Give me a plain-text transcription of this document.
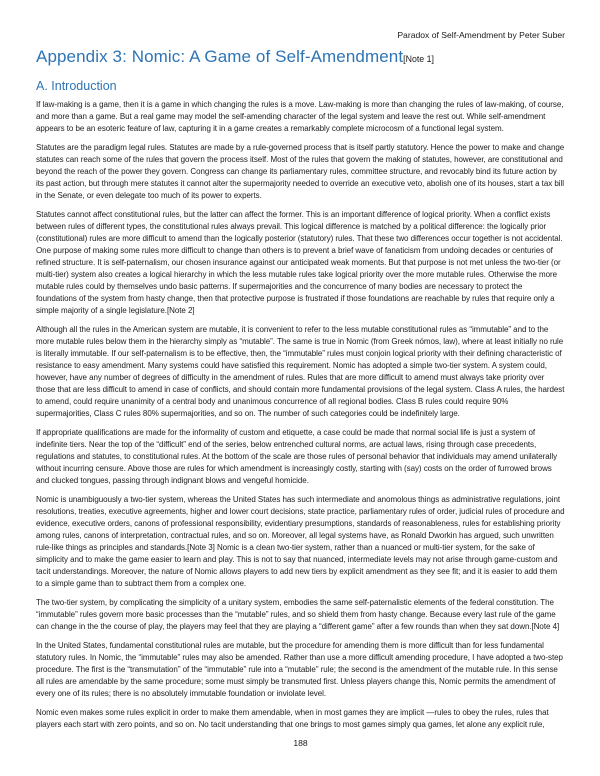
Paradox of Self-Amendment by Peter Suber
Appendix 3: Nomic: A Game of Self-Amendment[Note 1]
A. Introduction

If law-making is a game, then it is a game in which changing the rules is a move. Law-making is more than changing the rules of law-making, of course, and more than a game. But a real game may model the self-amending character of the legal system and leave the rest out. While self-amendment appears to be an esoteric feature of law, capturing it in a game creates a remarkably complete microcosm of a functional legal system.

Statutes are the paradigm legal rules. Statutes are made by a rule-governed process that is itself partly statutory. Hence the power to make and change statutes can reach some of the rules that govern the process itself. Most of the rules that govern the making of statutes, however, are constitutional and beyond the reach of the power they govern. Congress can change its parliamentary rules, committee structure, and revocably bind its future action by its past action, but through mere statutes it cannot alter the supermajority needed to override an executive veto, abolish one of its houses, start a tax bill in the Senate, or even delegate too much of its power to experts.

Statutes cannot affect constitutional rules, but the latter can affect the former. This is an important difference of logical priority. When a conflict exists between rules of different types, the constitutional rules always prevail. This logical difference is matched by a political difference: the logically prior (constitutional) rules are more difficult to amend than the logically posterior (statutory) rules. That these two differences occur together is not accidental. One purpose of making some rules more difficult to change than others is to prevent a brief wave of fanaticism from undoing decades or centuries of refined structure. It is self-paternalism, our chosen insurance against our anticipated weak moments. But that purpose is not met unless the two-tier (or multi-tier) system also creates a logical hierarchy in which the less mutable rules take logical priority over the more mutable rules. Otherwise the more mutable rules could by themselves undo basic patterns. If supermajorities and the concurrence of many bodies are necessary to protect the foundations of the system from hasty change, then that protective purpose is frustrated if those foundations are reachable by rules that require only a simple majority of a single legislature.[Note 2]

Although all the rules in the American system are mutable, it is convenient to refer to the less mutable constitutional rules as “immutable” and to the more mutable rules below them in the hierarchy simply as “mutable”. The same is true in Nomic (from Greek nómos, law), where at least initially no rule is literally immutable. If our self-paternalism is to be effective, then, the “immutable” rules must conjoin logical priority with their defining characteristic of resistance to easy amendment. Many systems could have satisfied this requirement. Nomic has adopted a simple two-tier system. A system could, however, have any number of degrees of difficulty in the amendment of rules. Rules that are more difficult to amend must always take priority over those that are less difficult to amend in case of conflicts, and should contain more fundamental provisions of the legal system. Class A rules, the hardest to amend, could require unanimity of a central body and unanimous concurrence of all regional bodies. Class B rules could require 90% supermajorities, Class C rules 80% supermajorities, and so on. The number of such categories could be indefinitely large.

If appropriate qualifications are made for the informality of custom and etiquette, a case could be made that normal social life is just a system of indefinite tiers. Near the top of the “difficult” end of the series, below entrenched cultural norms, are actual laws, rising through case precedents, regulations and statutes, to constitutional rules. At the bottom of the scale are those rules of personal behavior that individuals may amend unilaterally without incurring censure. Above those are rules for which amendment is increasingly costly, starting with (say) costs on the order of furrowed brows and clucked tongues, passing through indignant blows and vengeful homicide.

Nomic is unambiguously a two-tier system, whereas the United States has such intermediate and anomolous things as administrative regulations, joint resolutions, treaties, executive agreements, higher and lower court decisions, state practice, parliamentary rules of order, judicial rules of procedure and evidence, executive orders, canons of professional responsibility, evidentiary presumptions, standards of reasonableness, rules for establishing priority among rules, canons of interpretation, contractual rules, and so on. Moreover, all legal systems have, as Ronald Dworkin has argued, such unwritten rule-like things as principles and standards.[Note 3] Nomic is a clean two-tier system, rather than a nuanced or multi-tier system, for the sake of simplicity and to make the game easier to learn and play. This is not to say that nuanced, intermediate levels may not arise through game-custom and tacit understandings. Moreover, the nature of Nomic allows players to add new tiers by explicit amendment as they see fit; and it is easier to add them to a simple game than to subtract them from a complex one.

The two-tier system, by complicating the simplicity of a unitary system, embodies the same self-paternalistic elements of the federal constitution. The “immutable” rules govern more basic processes than the “mutable” rules, and so shield them from hasty change. Because every last rule of the game can change in the the course of play, the players may feel that they are playing a “different game” after a few rounds than when they sat down.[Note 4]

In the United States, fundamental constitutional rules are mutable, but the procedure for amending them is more difficult than for less fundamental statutory rules. In Nomic, the “immutable” rules may also be amended. Rather than use a more difficult amending procedure, I have adopted a two-step procedure. The first is the “transmutation” of the “immutable” rule into a “mutable” rule; the second is the amendment of the mutable rule. In this sense all rules are amendable by the same procedure; some must simply be transmuted first. Unless players change this, Nomic permits the amendment of every one of its rules; there is no absolutely immutable foundation or inviolate level.

Nomic even makes some rules explicit in order to make them amendable, when in most games they are implicit —rules to obey the rules, rules that players each start with zero points, and so on. No tacit understanding that one brings to most games simply qua games, let alone any explicit rule,

188
